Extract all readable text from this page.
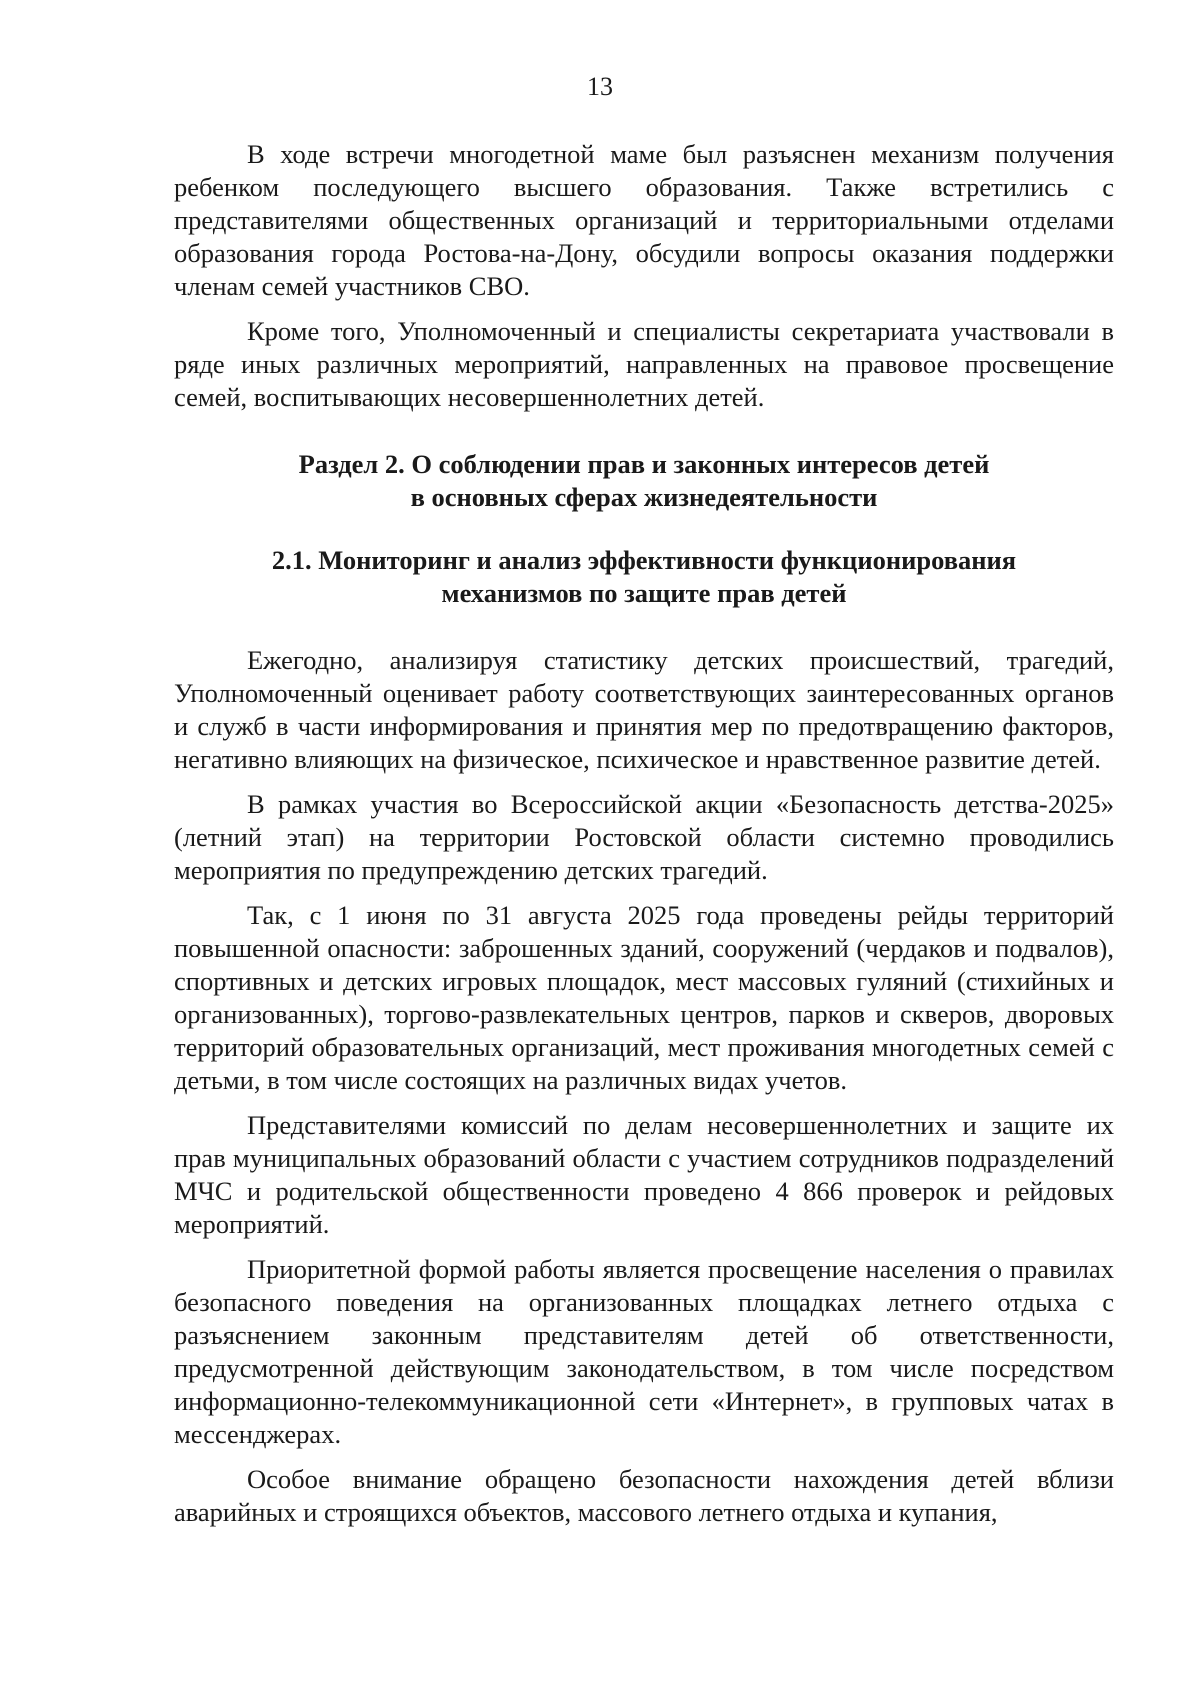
13

В ходе встречи многодетной маме был разъяснен механизм получения ребенком последующего высшего образования. Также встретились с представителями общественных организаций и территориальными отделами образования города Ростова-на-Дону, обсудили вопросы оказания поддержки членам семей участников СВО.

Кроме того, Уполномоченный и специалисты секретариата участвовали в ряде иных различных мероприятий, направленных на правовое просвещение семей, воспитывающих несовершеннолетних детей.

Раздел 2. О соблюдении прав и законных интересов детей

в основных сферах жизнедеятельности

2.1. Мониторинг и анализ эффективности функционирования

механизмов по защите прав детей

Ежегодно, анализируя статистику детских происшествий, трагедий, Уполномоченный оценивает работу соответствующих заинтересованных органов и служб в части информирования и принятия мер по предотвращению факторов, негативно влияющих на физическое, психическое и нравственное развитие детей.

В рамках участия во Всероссийской акции «Безопасность детства-2025» (летний этап) на территории Ростовской области системно проводились мероприятия по предупреждению детских трагедий.

Так, с 1 июня по 31 августа 2025 года проведены рейды территорий повышенной опасности: заброшенных зданий, сооружений (чердаков и подвалов), спортивных и детских игровых площадок, мест массовых гуляний (стихийных и организованных), торгово-развлекательных центров, парков и скверов, дворовых территорий образовательных организаций, мест проживания многодетных семей с детьми, в том числе состоящих на различных видах учетов.

Представителями комиссий по делам несовершеннолетних и защите их прав муниципальных образований области с участием сотрудников подразделений МЧС и родительской общественности проведено 4 866 проверок и рейдовых мероприятий.

Приоритетной формой работы является просвещение населения о правилах безопасного поведения на организованных площадках летнего отдыха с разъяснением законным представителям детей об ответственности, предусмотренной действующим законодательством, в том числе посредством информационно-телекоммуникационной сети «Интернет», в групповых чатах в мессенджерах.

Особое внимание обращено безопасности нахождения детей вблизи аварийных и строящихся объектов, массового летнего отдыха и купания,
